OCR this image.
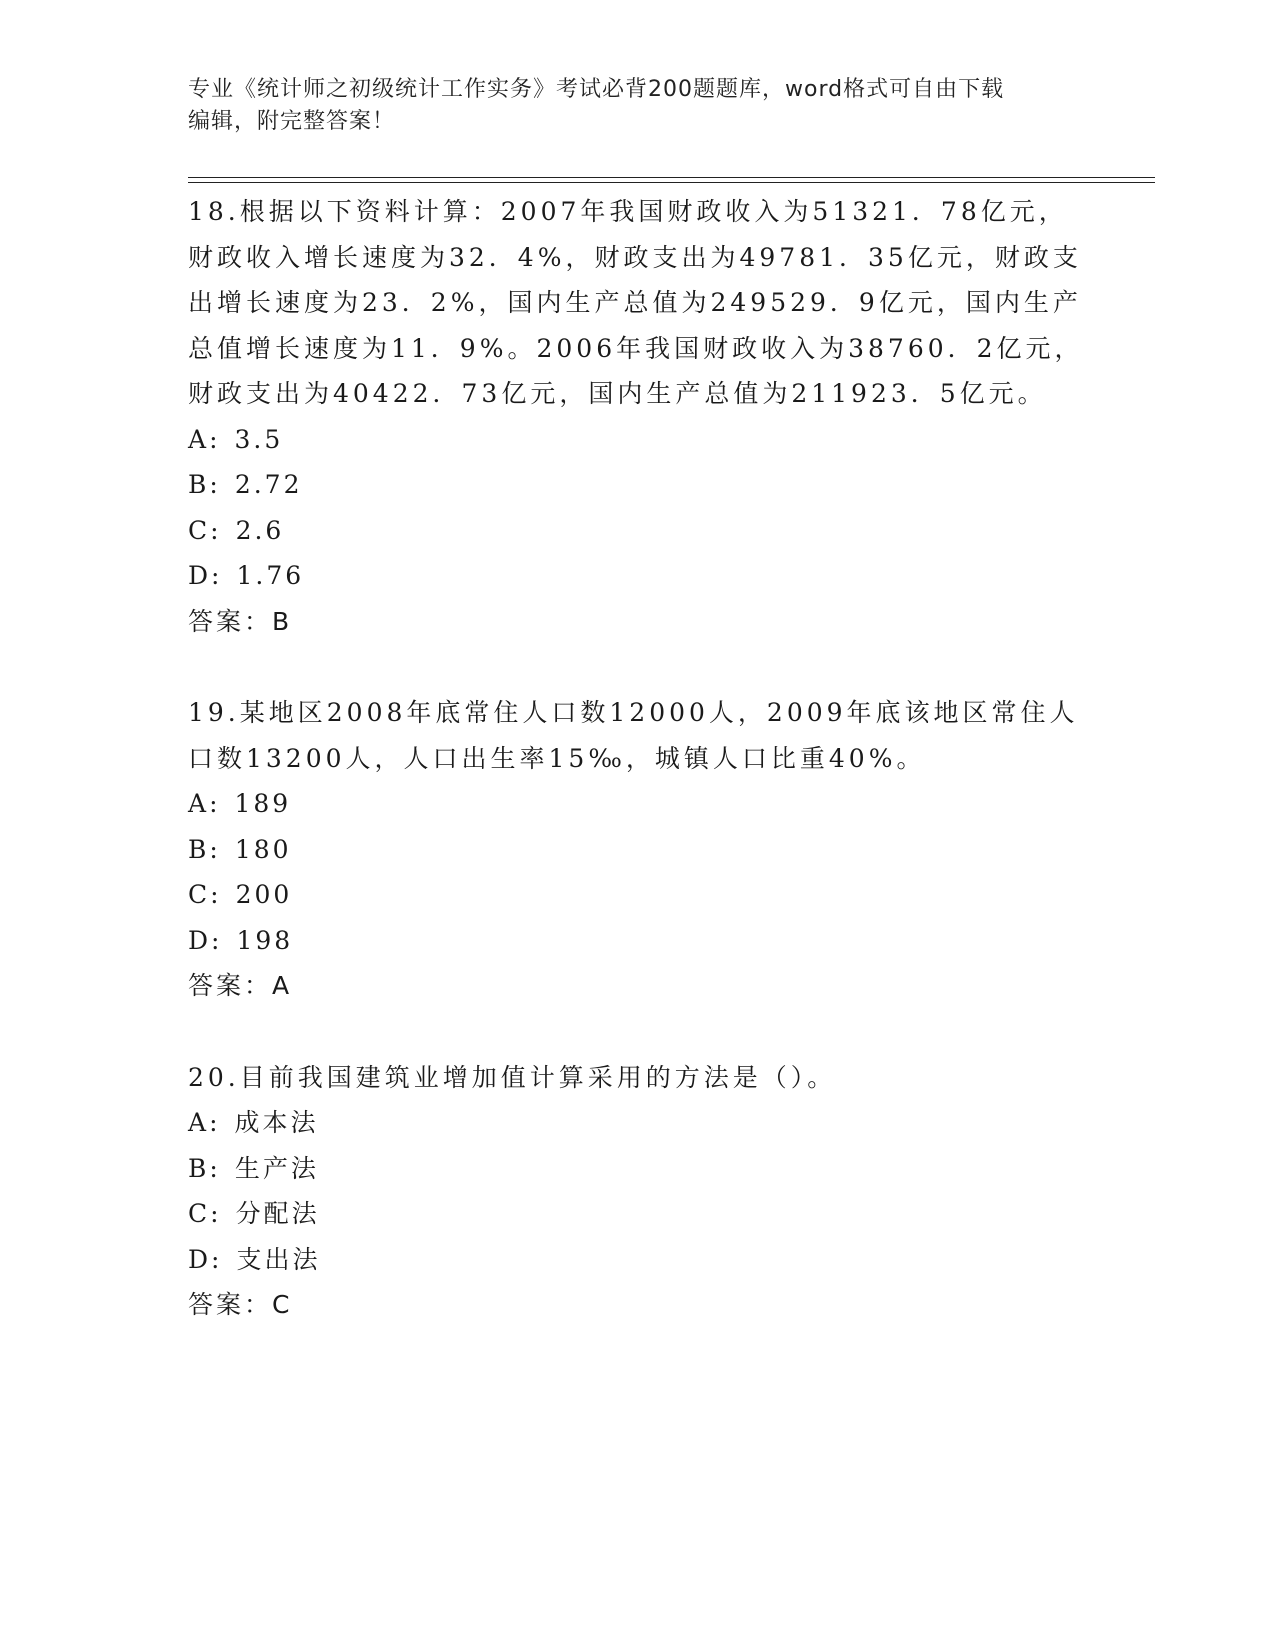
专业《统计师之初级统计工作实务》考试必背200题题库，word格式可自由下载
编辑，附完整答案！

18.根据以下资料计算：2007年我国财政收入为51321．78亿元，财政收入增长速度为32．4%，财政支出为49781．35亿元，财政支出增长速度为23．2%，国内生产总值为249529．9亿元，国内生产总值增长速度为11．9%。2006年我国财政收入为38760．2亿元，财政支出为40422．73亿元，国内生产总值为211923．5亿元。

A: 3.5

B: 2.72

C: 2.6

D: 1.76

答案：B

19.某地区2008年底常住人口数12000人，2009年底该地区常住人口数13200人，人口出生率15‰，城镇人口比重40%。

A: 189

B: 180

C: 200

D: 198

答案：A

20.目前我国建筑业增加值计算采用的方法是（）。

A: 成本法

B: 生产法

C: 分配法

D: 支出法

答案：C
